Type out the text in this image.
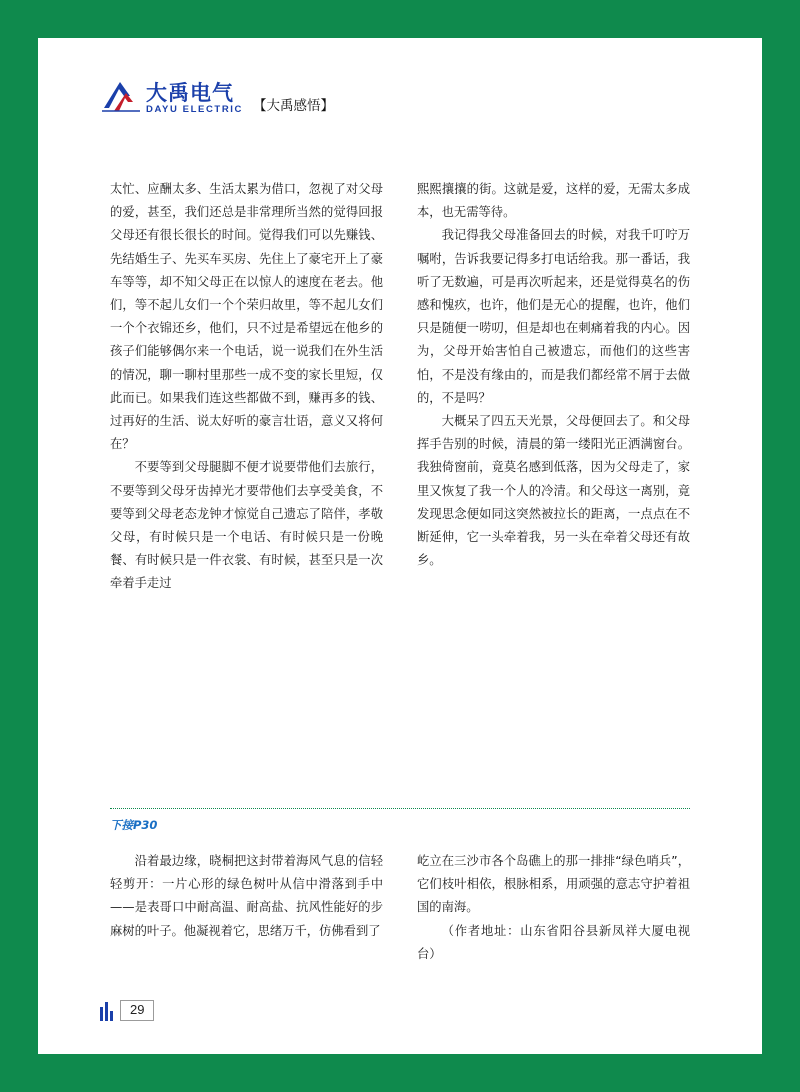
大禹电气
DAYU ELECTRIC 【大禹感悟】

太忙、应酬太多、生活太累为借口，忽视了对父母的爱，甚至，我们还总是非常理所当然的觉得回报父母还有很长很长的时间。觉得我们可以先赚钱、先结婚生子、先买车买房、先住上了豪宅开上了豪车等等，却不知父母正在以惊人的速度在老去。他们，等不起儿女们一个个荣归故里，等不起儿女们一个个衣锦还乡，他们，只不过是希望远在他乡的孩子们能够偶尔来一个电话，说一说我们在外生活的情况，聊一聊村里那些一成不变的家长里短，仅此而已。如果我们连这些都做不到，赚再多的钱、过再好的生活、说太好听的豪言壮语，意义又将何在？

不要等到父母腿脚不便才说要带他们去旅行，不要等到父母牙齿掉光才要带他们去享受美食，不要等到父母老态龙钟才惊觉自己遗忘了陪伴，孝敬父母，有时候只是一个电话、有时候只是一份晚餐、有时候只是一件衣裳、有时候，甚至只是一次牵着手走过

熙熙攘攘的街。这就是爱，这样的爱，无需太多成本，也无需等待。

我记得我父母准备回去的时候，对我千叮咛万嘱咐，告诉我要记得多打电话给我。那一番话，我听了无数遍，可是再次听起来，还是觉得莫名的伤感和愧疚，也许，他们是无心的提醒，也许，他们只是随便一唠叨，但是却也在刺痛着我的内心。因为，父母开始害怕自己被遗忘，而他们的这些害怕，不是没有缘由的，而是我们都经常不屑于去做的，不是吗？

大概呆了四五天光景，父母便回去了。和父母挥手告别的时候，清晨的第一缕阳光正洒满窗台。我独倚窗前，竟莫名感到低落，因为父母走了，家里又恢复了我一个人的冷清。和父母这一离别，竟发现思念便如同这突然被拉长的距离，一点点在不断延伸，它一头牵着我，另一头在牵着父母还有故乡。

下接P30

沿着最边缘，晓桐把这封带着海风气息的信轻轻剪开：一片心形的绿色树叶从信中滑落到手中——是表哥口中耐高温、耐高盐、抗风性能好的步麻树的叶子。他凝视着它，思绪万千，仿佛看到了

屹立在三沙市各个岛礁上的那一排排“绿色哨兵”，它们枝叶相依，根脉相系，用顽强的意志守护着祖国的南海。

（作者地址：山东省阳谷县新凤祥大厦电视台）

29
